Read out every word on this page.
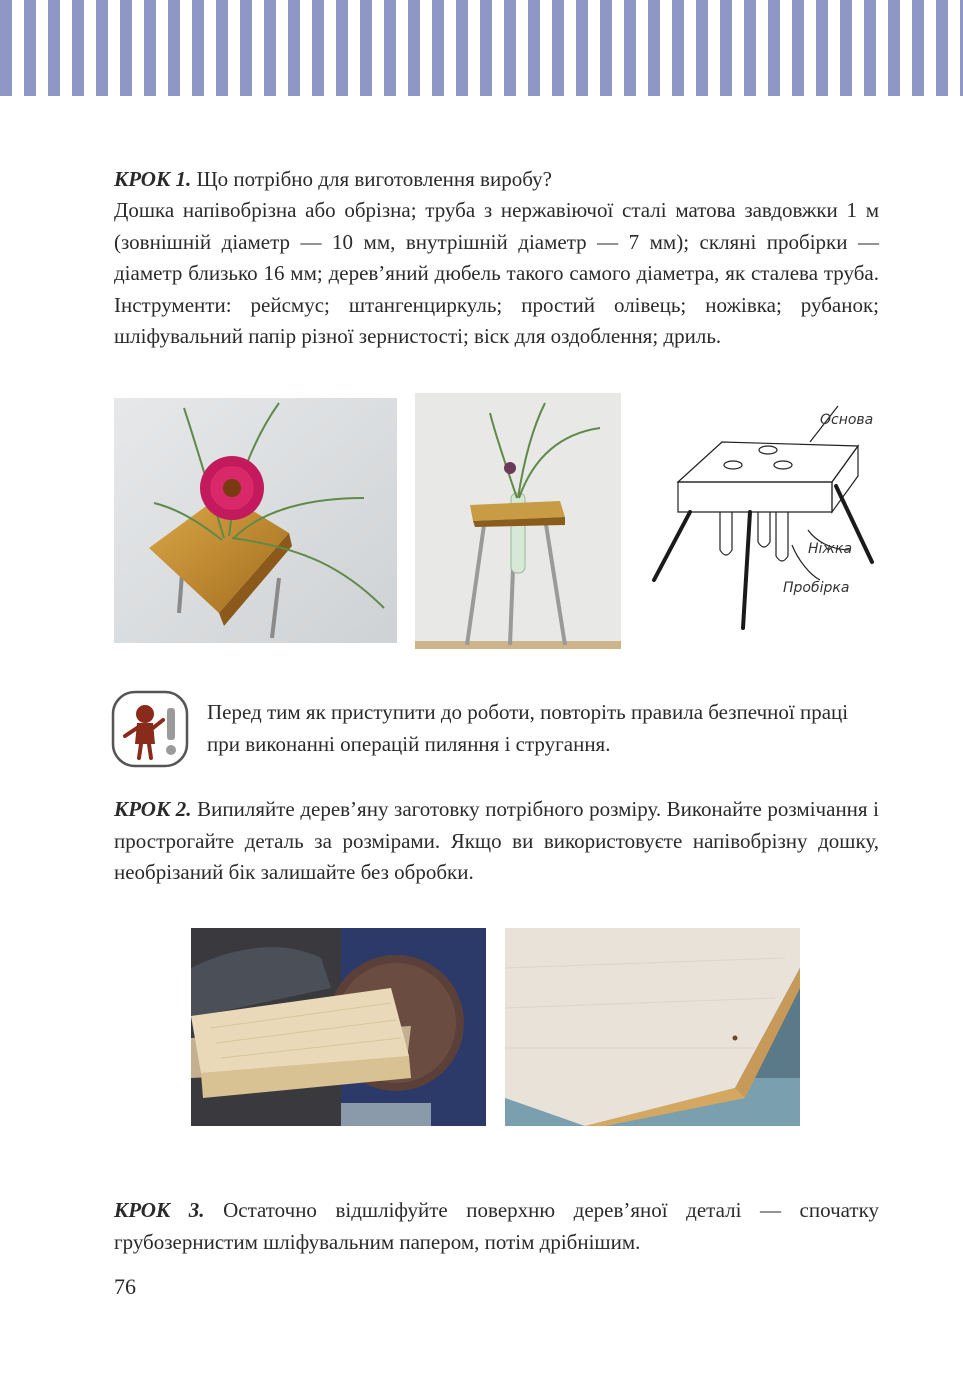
КРОК 1. Що потрібно для виготовлення виробу?
Дошка напівобрізна або обрізна; труба з нержавіючої сталі матова завдовжки 1 м (зовнішній діаметр — 10 мм, внутрішній діаметр — 7 мм); скляні пробірки — діаметр близько 16 мм; дерев’яний дюбель такого самого діаметра, як сталева труба. Інструменти: рейсмус; штангенциркуль; простий олівець; ножівка; рубанок; шліфувальний папір різної зернистості; віск для оздоблення; дриль.
Основа
Ніжка
Пробірка
Перед тим як приступити до роботи, повторіть правила безпечної праці при виконанні операцій пиляння і стругання.
КРОК 2. Випиляйте дерев’яну заготовку потрібного розміру. Виконайте розмічання і прострогайте деталь за розмірами. Якщо ви використовуєте напівобрізну дошку, необрізаний бік залишайте без обробки.
КРОК 3. Остаточно відшліфуйте поверхню дерев’яної деталі — спочатку грубозернистим шліфувальним папером, потім дрібнішим.
76
